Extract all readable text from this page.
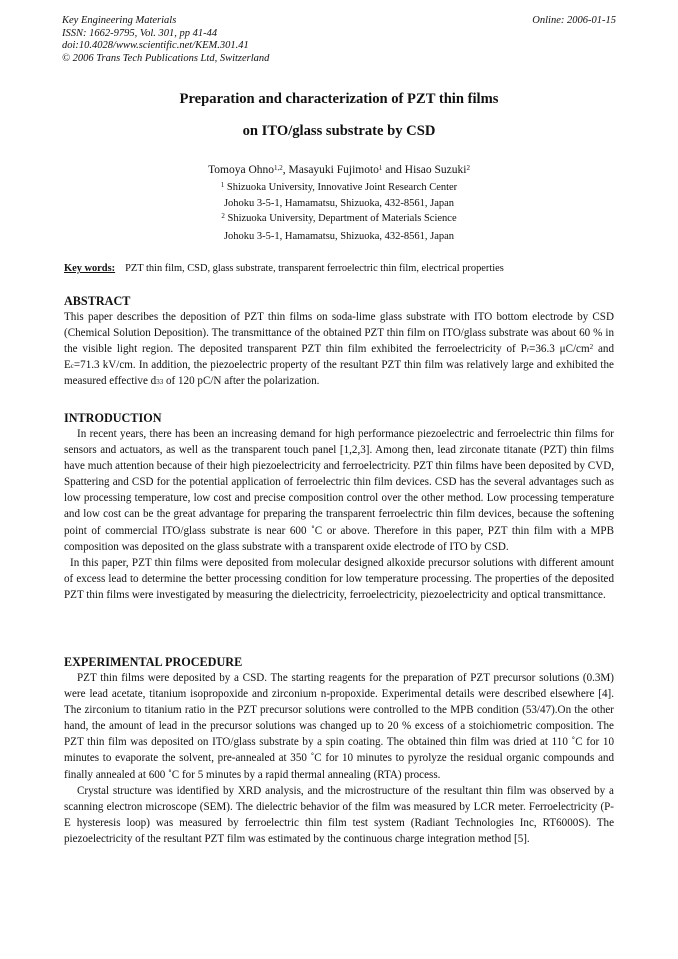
Key Engineering Materials
ISSN: 1662-9795, Vol. 301, pp 41-44
doi:10.4028/www.scientific.net/KEM.301.41
© 2006 Trans Tech Publications Ltd, Switzerland
Online: 2006-01-15
Preparation and characterization of PZT thin films
on ITO/glass substrate by CSD
Tomoya Ohno$^{1,2}$, Masayuki Fujimoto$^1$ and Hisao Suzuki$^2$
$^1$ Shizuoka University, Innovative Joint Research Center
Johoku 3-5-1, Hamamatsu, Shizuoka, 432-8561, Japan
$^2$ Shizuoka University, Department of Materials Science
Johoku 3-5-1, Hamamatsu, Shizuoka, 432-8561, Japan
Key words: PZT thin film, CSD, glass substrate, transparent ferroelectric thin film, electrical properties

ABSTRACT

This paper describes the deposition of PZT thin films on soda-lime glass substrate with ITO bottom electrode by CSD (Chemical Solution Deposition). The transmittance of the obtained PZT thin film on ITO/glass substrate was about 60 % in the visible light region. The deposited transparent PZT thin film exhibited the ferroelectricity of $P_r=36.3$ $\mu C/cm^2$ and $E_c=71.3$ kV/cm. In addition, the piezoelectric property of the resultant PZT thin film was relatively large and exhibited the measured effective $d_{33}$ of 120 pC/N after the polarization.

INTRODUCTION

In recent years, there has been an increasing demand for high performance piezoelectric and ferroelectric thin films for sensors and actuators, as well as the transparent touch panel [1,2,3]. Among then, lead zirconate titanate (PZT) thin films have much attention because of their high piezoelectricity and ferroelectricity. PZT thin films have been deposited by CVD, Spattering and CSD for the potential application of ferroelectric thin film devices. CSD has the several advantages such as low processing temperature, low cost and precise composition control over the other method. Low processing temperature and low cost can be the great advantage for preparing the transparent ferroelectric thin film devices, because the softening point of commercial ITO/glass substrate is near 600 ˚C or above. Therefore in this paper, PZT thin film with a MPB composition was deposited on the glass substrate with a transparent oxide electrode of ITO by CSD.

In this paper, PZT thin films were deposited from molecular designed alkoxide precursor solutions with different amount of excess lead to determine the better processing condition for low temperature processing. The properties of the deposited PZT thin films were investigated by measuring the dielectricity, ferroelectricity, piezoelectricity and optical transmittance.

EXPERIMENTAL PROCEDURE

PZT thin films were deposited by a CSD. The starting reagents for the preparation of PZT precursor solutions (0.3M) were lead acetate, titanium isopropoxide and zirconium n-propoxide. Experimental details were described elsewhere [4]. The zirconium to titanium ratio in the PZT precursor solutions were controlled to the MPB condition (53/47).On the other hand, the amount of lead in the precursor solutions was changed up to 20 % excess of a stoichiometric composition. The PZT thin film was deposited on ITO/glass substrate by a spin coating. The obtained thin film was dried at 110 ˚C for 10 minutes to evaporate the solvent, pre-annealed at 350 ˚C for 10 minutes to pyrolyze the residual organic compounds and finally annealed at 600 ˚C for 5 minutes by a rapid thermal annealing (RTA) process.

Crystal structure was identified by XRD analysis, and the microstructure of the resultant thin film was observed by a scanning electron microscope (SEM). The dielectric behavior of the film was measured by LCR meter. Ferroelectricity (P-E hysteresis loop) was measured by ferroelectric thin film test system (Radiant Technologies Inc, RT6000S). The piezoelectricity of the resultant PZT film was estimated by the continuous charge integration method [5].
